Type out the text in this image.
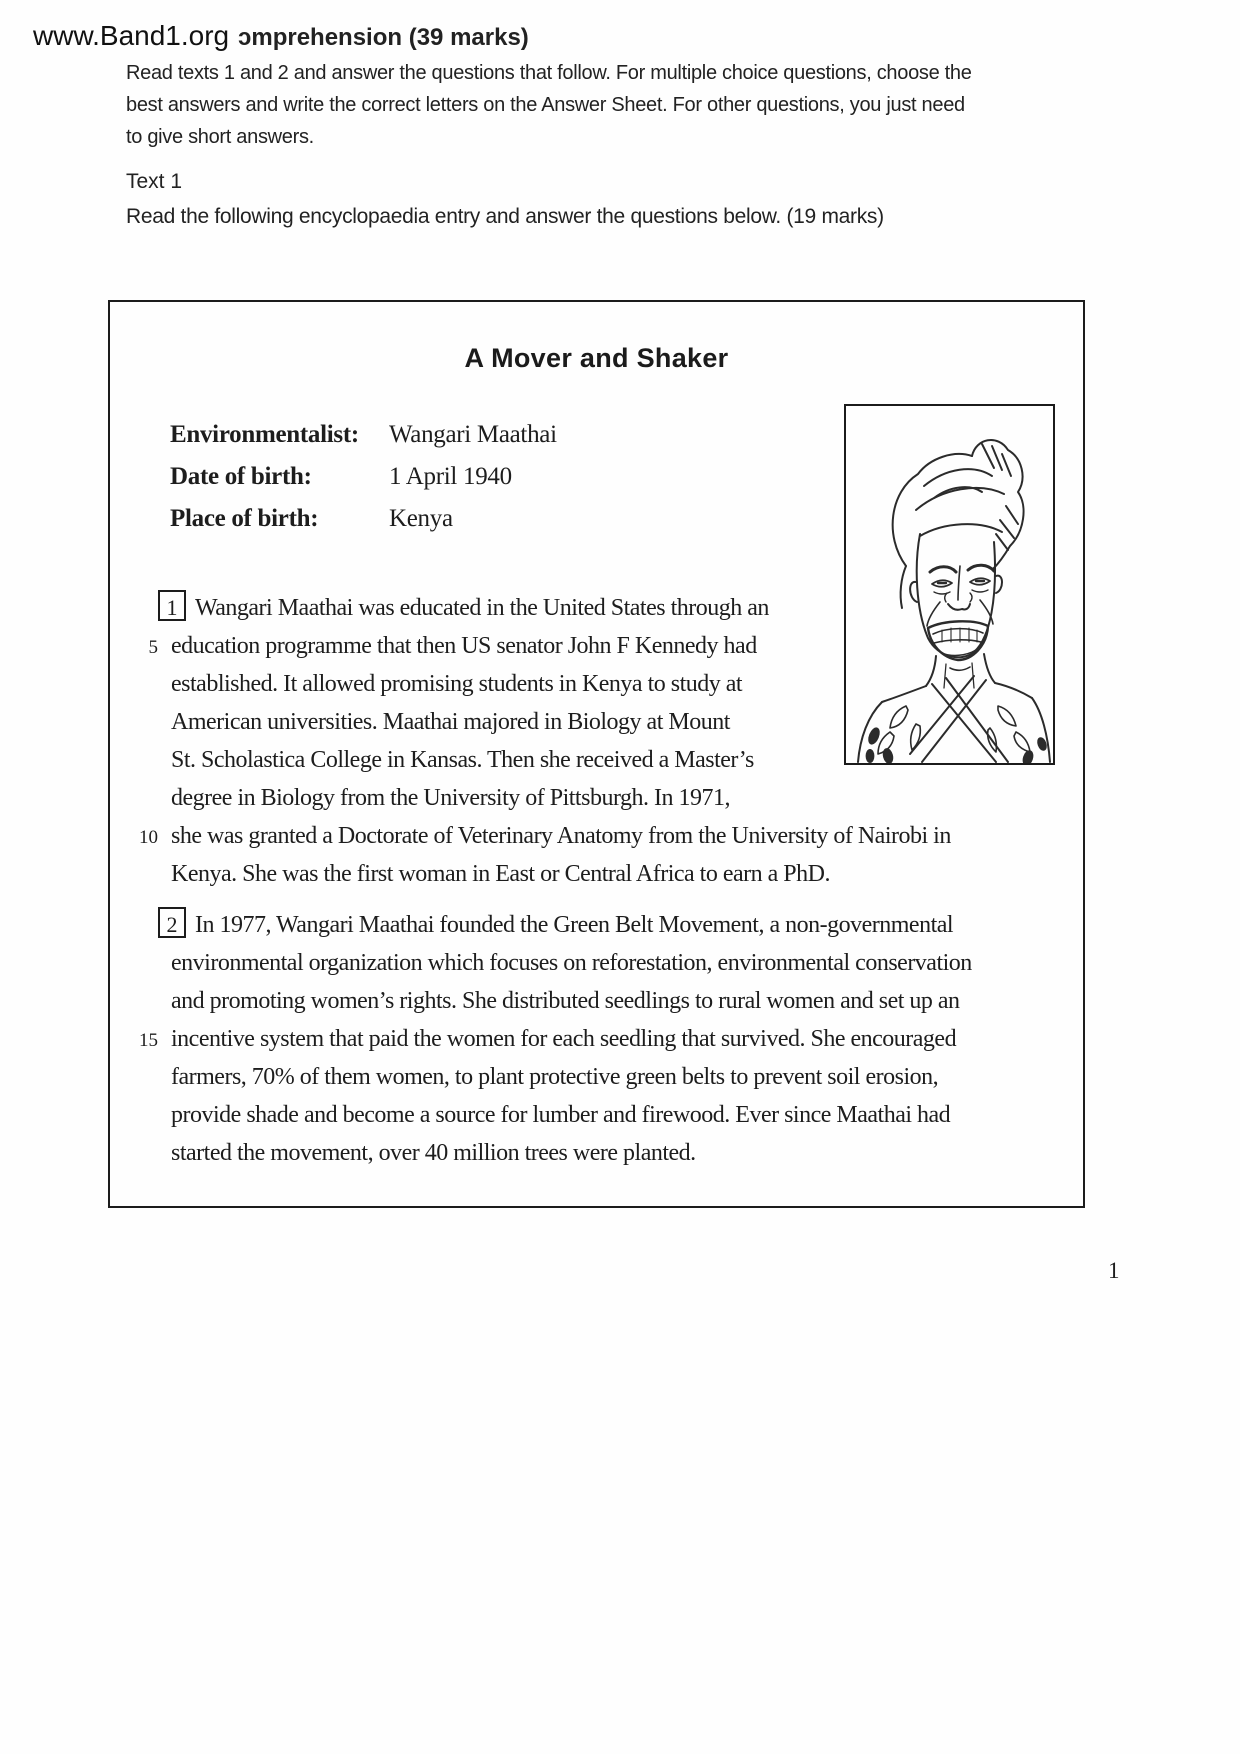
www.Band1.org ɔmprehension (39 marks)
Read texts 1 and 2 and answer the questions that follow. For multiple choice questions, choose the
best answers and write the correct letters on the Answer Sheet. For other questions, you just need
to give short answers.
Text 1
Read the following encyclopaedia entry and answer the questions below. (19 marks)
A Mover and Shaker
Environmentalist: Wangari Maathai
Date of birth:	1 April 1940
Place of birth:	Kenya
1 Wangari Maathai was educated in the United States through an
5 education programme that then US senator John F Kennedy had
established. It allowed promising students in Kenya to study at
American universities. Maathai majored in Biology at Mount
St. Scholastica College in Kansas. Then she received a Master’s
degree in Biology from the University of Pittsburgh. In 1971,
10 she was granted a Doctorate of Veterinary Anatomy from the University of Nairobi in
Kenya. She was the first woman in East or Central Africa to earn a PhD.
2 In 1977, Wangari Maathai founded the Green Belt Movement, a non-governmental
environmental organization which focuses on reforestation, environmental conservation
and promoting women’s rights. She distributed seedlings to rural women and set up an
15 incentive system that paid the women for each seedling that survived. She encouraged
farmers, 70% of them women, to plant protective green belts to prevent soil erosion,
provide shade and become a source for lumber and firewood. Ever since Maathai had
started the movement, over 40 million trees were planted.
1
